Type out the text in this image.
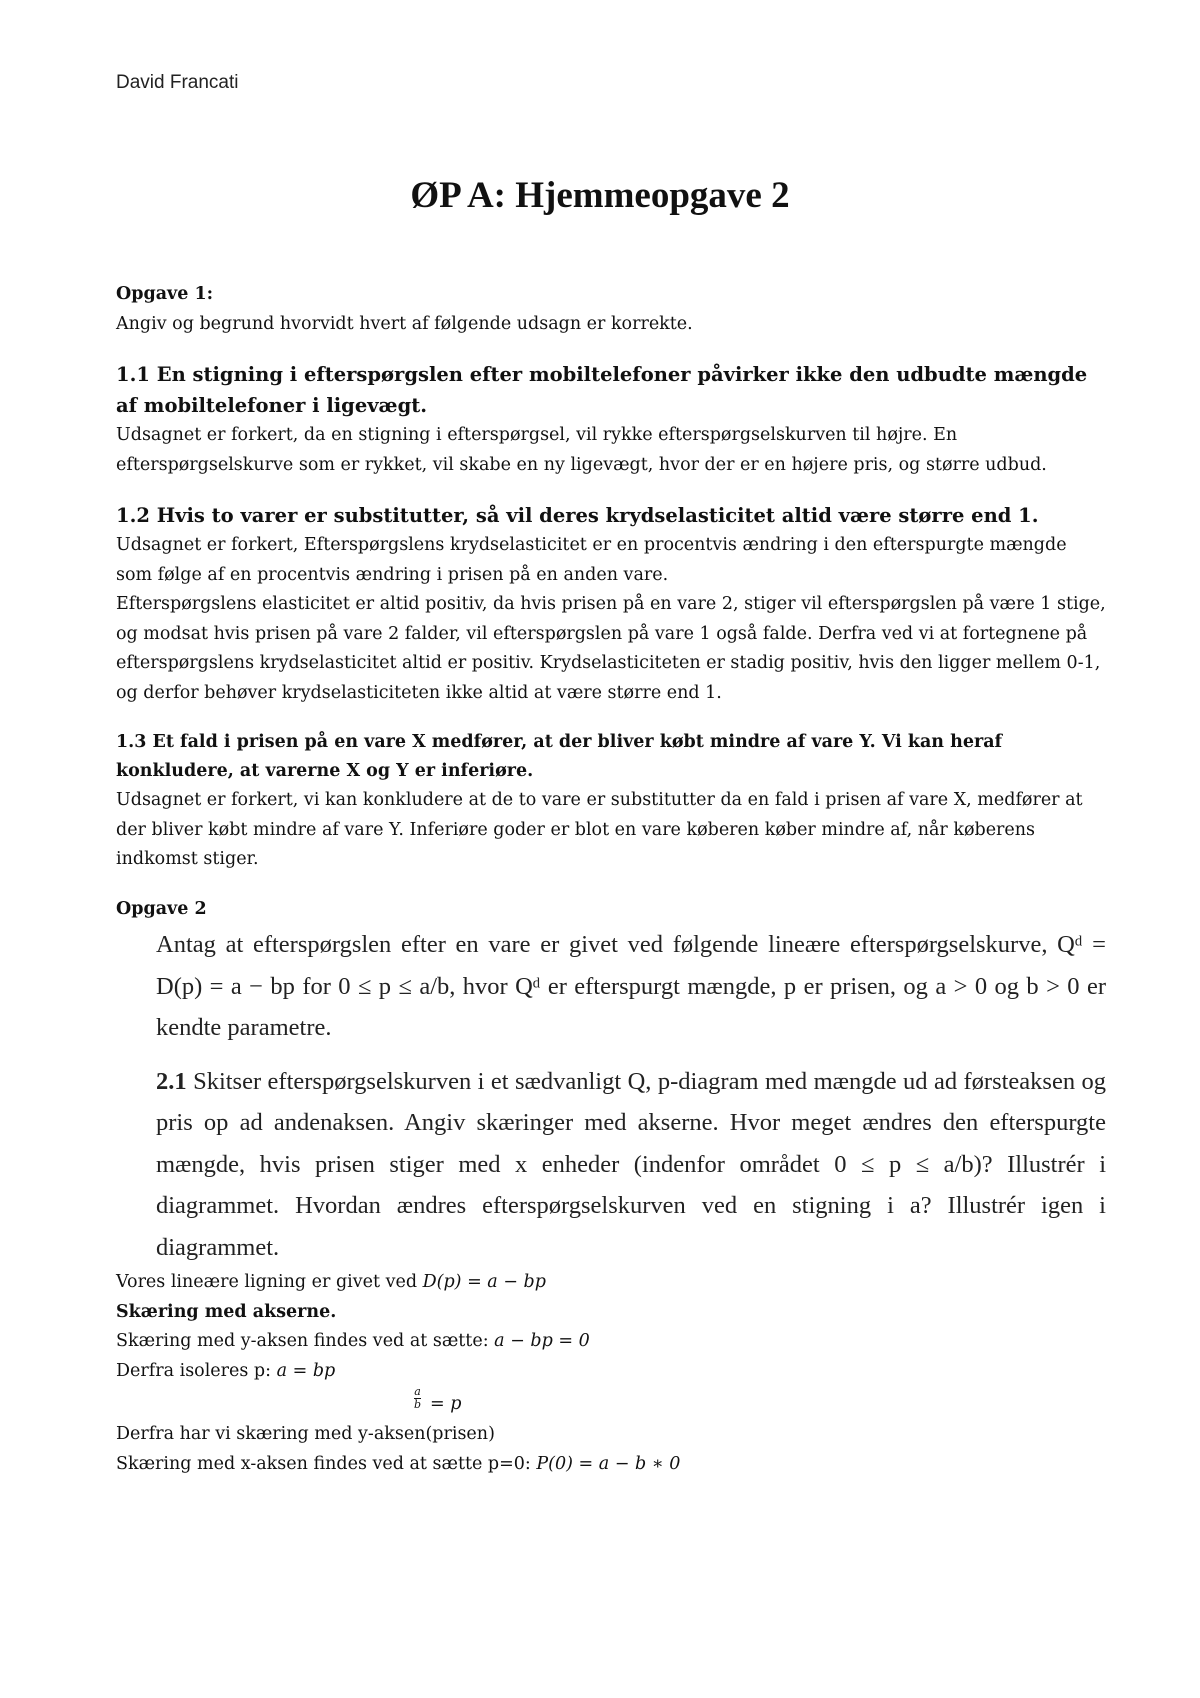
David Francati
ØP A: Hjemmeopgave 2

Opgave 1:

Angiv og begrund hvorvidt hvert af følgende udsagn er korrekte.

1.1 En stigning i efterspørgslen efter mobiltelefoner påvirker ikke den udbudte mængde af mobiltelefoner i ligevægt.

Udsagnet er forkert, da en stigning i efterspørgsel, vil rykke efterspørgselskurven til højre. En efterspørgselskurve som er rykket, vil skabe en ny ligevægt, hvor der er en højere pris, og større udbud.

1.2 Hvis to varer er substitutter, så vil deres krydselasticitet altid være større end 1.

Udsagnet er forkert, Efterspørgslens krydselasticitet er en procentvis ændring i den efterspurgte mængde som følge af en procentvis ændring i prisen på en anden vare.

Efterspørgslens elasticitet er altid positiv, da hvis prisen på en vare 2, stiger vil efterspørgslen på være 1 stige, og modsat hvis prisen på vare 2 falder, vil efterspørgslen på vare 1 også falde. Derfra ved vi at fortegnene på efterspørgslens krydselasticitet altid er positiv. Krydselasticiteten er stadig positiv, hvis den ligger mellem 0-1, og derfor behøver krydselasticiteten ikke altid at være større end 1.

1.3 Et fald i prisen på en vare X medfører, at der bliver købt mindre af vare Y. Vi kan heraf konkludere, at varerne X og Y er inferiøre.

Udsagnet er forkert, vi kan konkludere at de to vare er substitutter da en fald i prisen af vare X, medfører at der bliver købt mindre af vare Y. Inferiøre goder er blot en vare køberen køber mindre af, når køberens indkomst stiger.

Opgave 2

Antag at efterspørgslen efter en vare er givet ved følgende lineære efterspørgselskurve, Qᵈ = D(p) = a − bp for 0 ≤ p ≤ a/b, hvor Qᵈ er efterspurgt mængde, p er prisen, og a > 0 og b > 0 er kendte parametre.

2.1 Skitser efterspørgselskurven i et sædvanligt Q, p-diagram med mængde ud ad førsteaksen og pris op ad andenaksen. Angiv skæringer med akserne. Hvor meget ændres den efterspurgte mængde, hvis prisen stiger med x enheder (indenfor området 0 ≤ p ≤ a/b)? Illustrér i diagrammet. Hvordan ændres efterspørgselskurven ved en stigning i a? Illustrér igen i diagrammet.

Vores lineære ligning er givet ved D(p) = a − bp

Skæring med akserne.

Skæring med y-aksen findes ved at sætte: a − bp = 0

Derfra isoleres p: a = bp

$\frac{a}{b} = p$

Derfra har vi skæring med y-aksen(prisen)

Skæring med x-aksen findes ved at sætte p=0: P(0) = a − b ∗ 0
